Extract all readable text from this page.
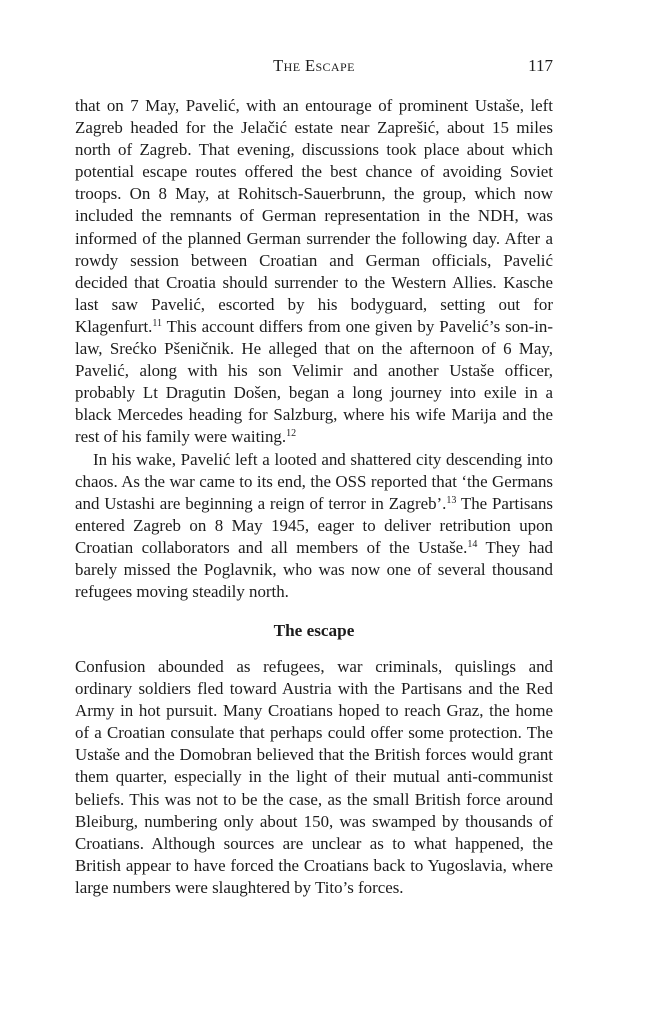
The Escape	117

that on 7 May, Pavelić, with an entourage of prominent Ustaše, left Zagreb headed for the Jelačić estate near Zaprešić, about 15 miles north of Zagreb. That evening, discussions took place about which potential escape routes offered the best chance of avoiding Soviet troops. On 8 May, at Rohitsch-Sauerbrunn, the group, which now included the remnants of German representation in the NDH, was informed of the planned German surrender the following day. After a rowdy session between Croatian and German officials, Pavelić decided that Croatia should surrender to the Western Allies. Kasche last saw Pavelić, escorted by his bodyguard, setting out for Klagenfurt.$^{11}$ This account differs from one given by Pavelić’s son-in-law, Srećko Pšeničnik. He alleged that on the afternoon of 6 May, Pavelić, along with his son Velimir and another Ustaše officer, probably Lt Dragutin Došen, began a long journey into exile in a black Mercedes heading for Salzburg, where his wife Marija and the rest of his family were waiting.$^{12}$

In his wake, Pavelić left a looted and shattered city descending into chaos. As the war came to its end, the OSS reported that ‘the Germans and Ustashi are beginning a reign of terror in Zagreb’.$^{13}$ The Partisans entered Zagreb on 8 May 1945, eager to deliver retribution upon Croatian collaborators and all members of the Ustaše.$^{14}$ They had barely missed the Poglavnik, who was now one of several thousand refugees moving steadily north.

The escape

Confusion abounded as refugees, war criminals, quislings and ordinary soldiers fled toward Austria with the Partisans and the Red Army in hot pursuit. Many Croatians hoped to reach Graz, the home of a Croatian consulate that perhaps could offer some protection. The Ustaše and the Domobran believed that the British forces would grant them quarter, especially in the light of their mutual anti-communist beliefs. This was not to be the case, as the small British force around Bleiburg, numbering only about 150, was swamped by thousands of Croatians. Although sources are unclear as to what happened, the British appear to have forced the Croatians back to Yugoslavia, where large numbers were slaughtered by Tito’s forces.
